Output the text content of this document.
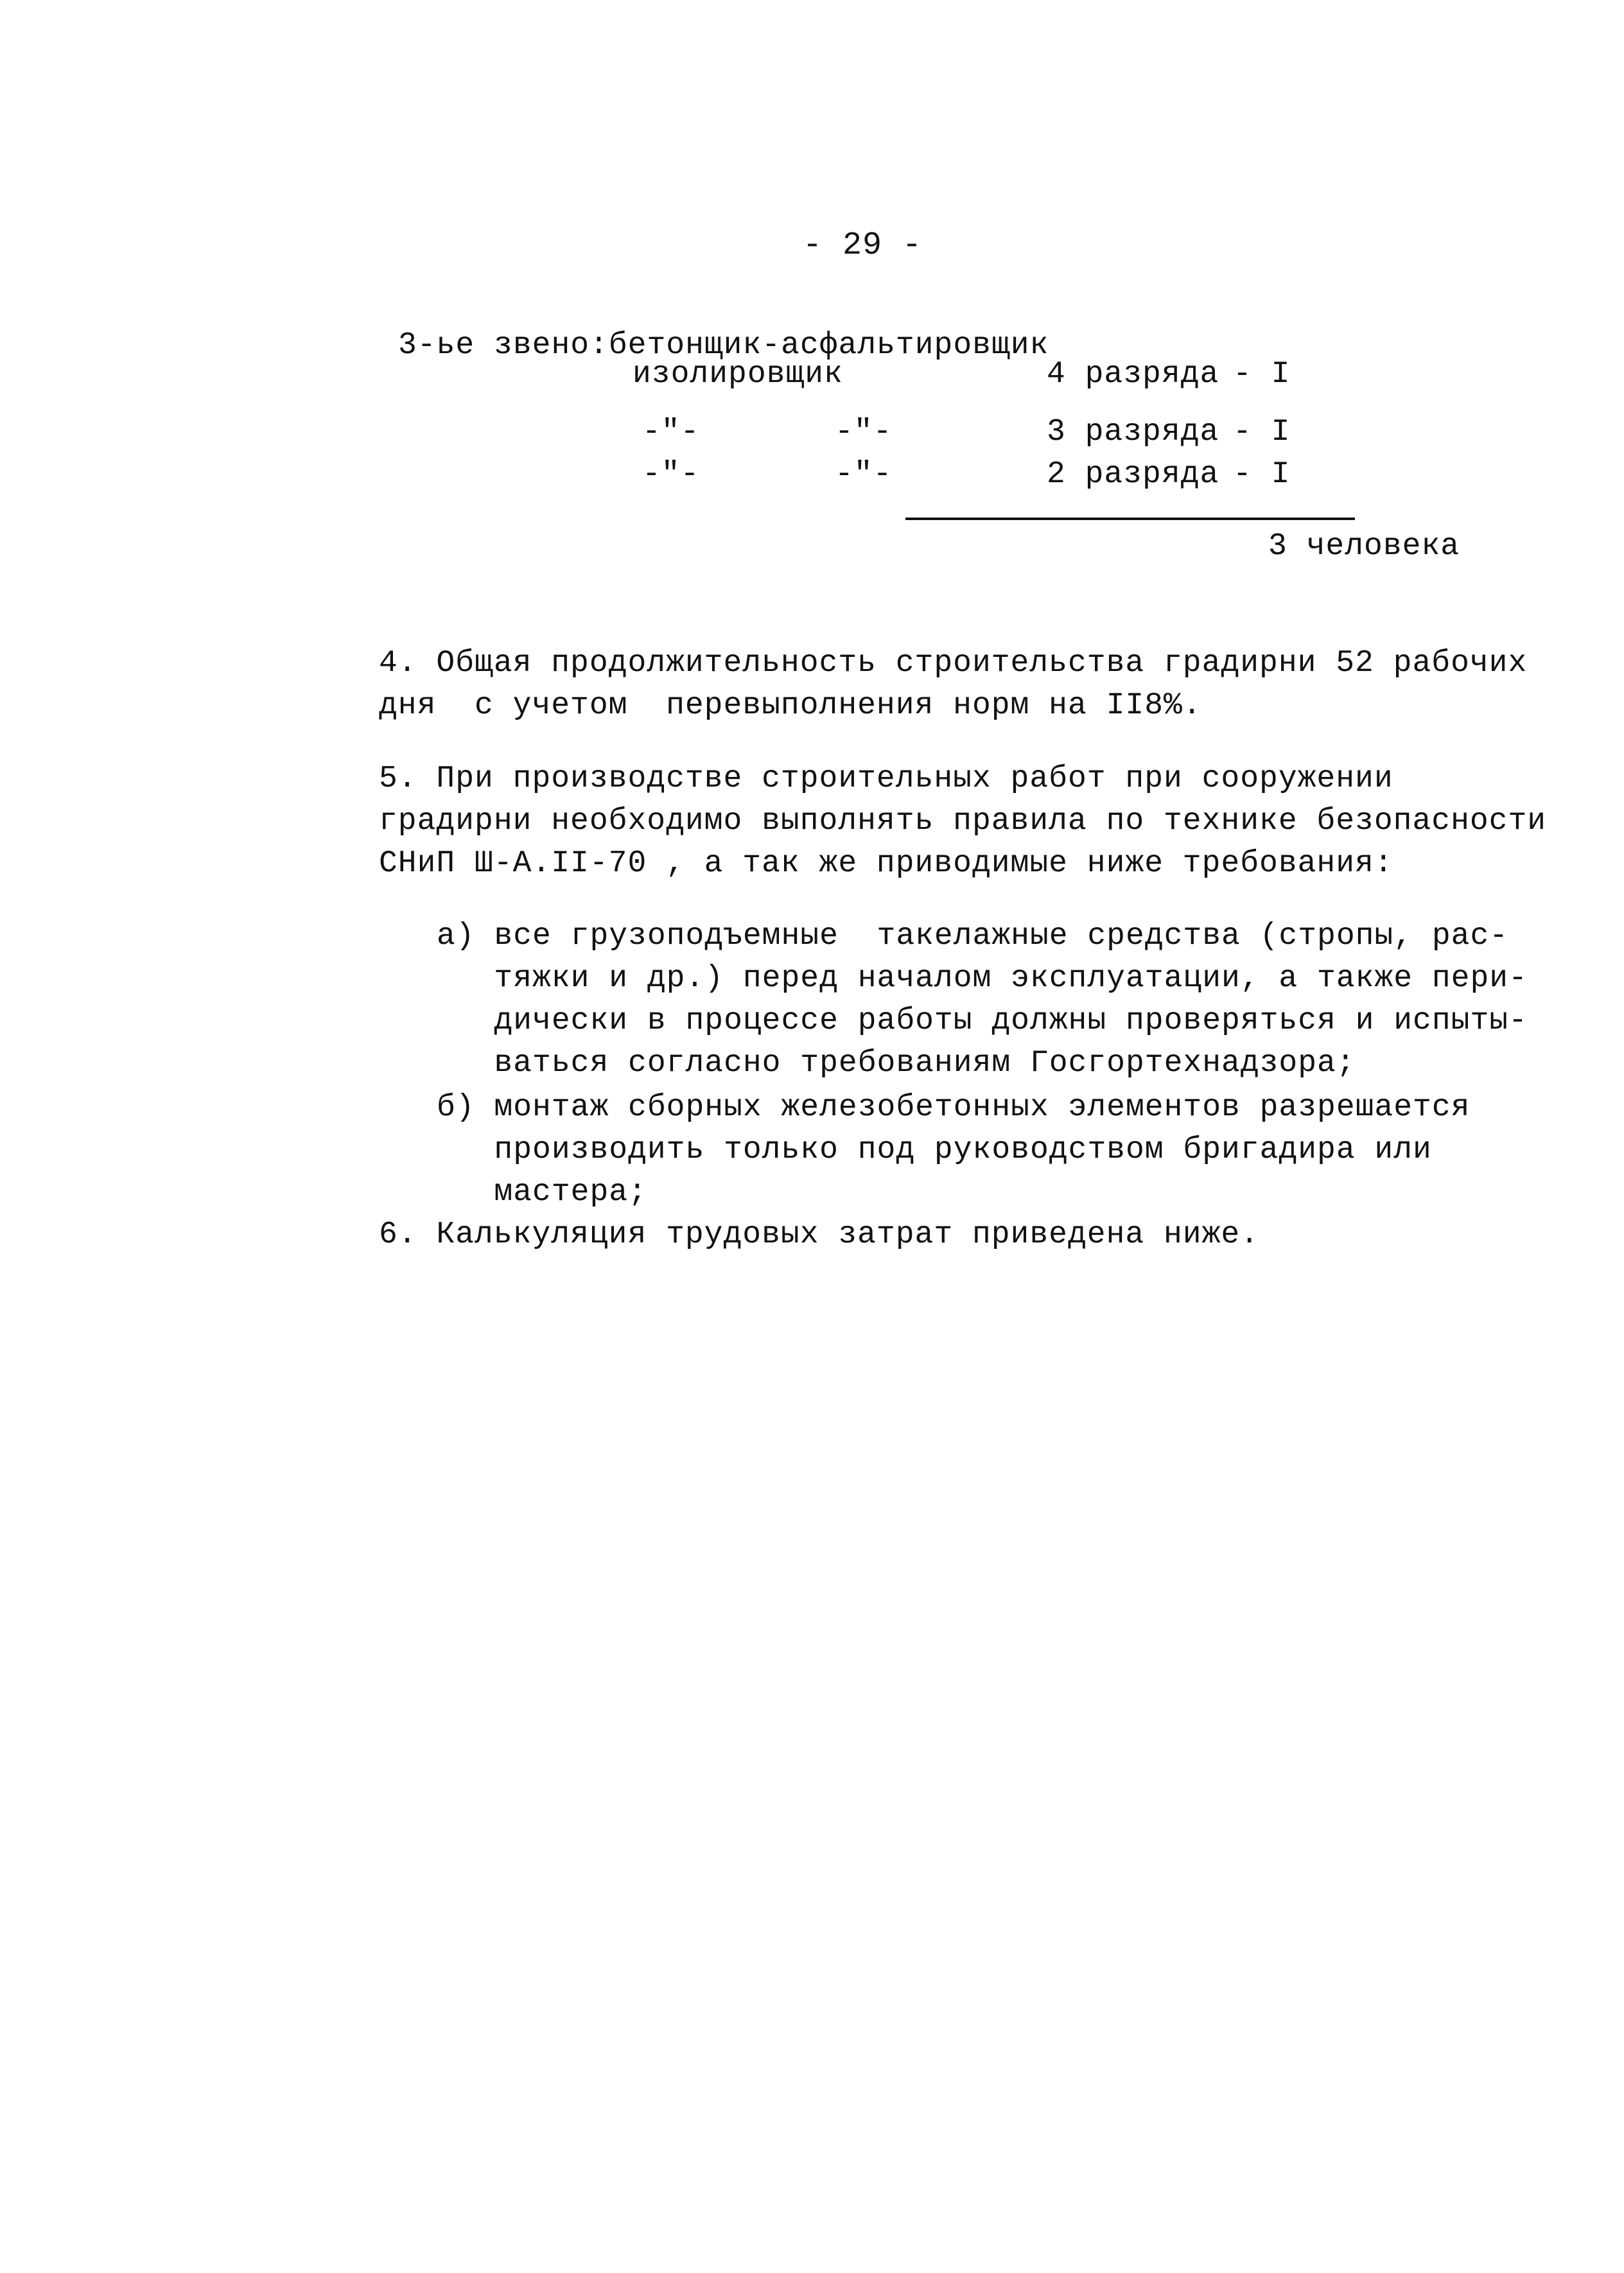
- 29 -
3-ье звено:бетонщик-асфальтировщик
изолировщик	4 разряда - I
-"-	-"-	3 разряда - I
-"-	-"-	2 разряда - I
3 человека
4. Общая продолжительность строительства градирни 52 рабочих
дня  с учетом  перевыполнения норм на II8%.
5. При производстве строительных работ при сооружении
градирни необходимо выполнять правила по технике безопасности
СНиП Ш-А.II-70 , а так же приводимые ниже требования:
а) все грузоподъемные  такелажные средства (стропы, рас-
тяжки и др.) перед началом эксплуатации, а также пери-
дически в процессе работы должны проверяться и испыты-
ваться согласно требованиям Госгортехнадзора;
б) монтаж сборных железобетонных элементов разрешается
производить только под руководством бригадира или
мастера;
6. Калькуляция трудовых затрат приведена ниже.
